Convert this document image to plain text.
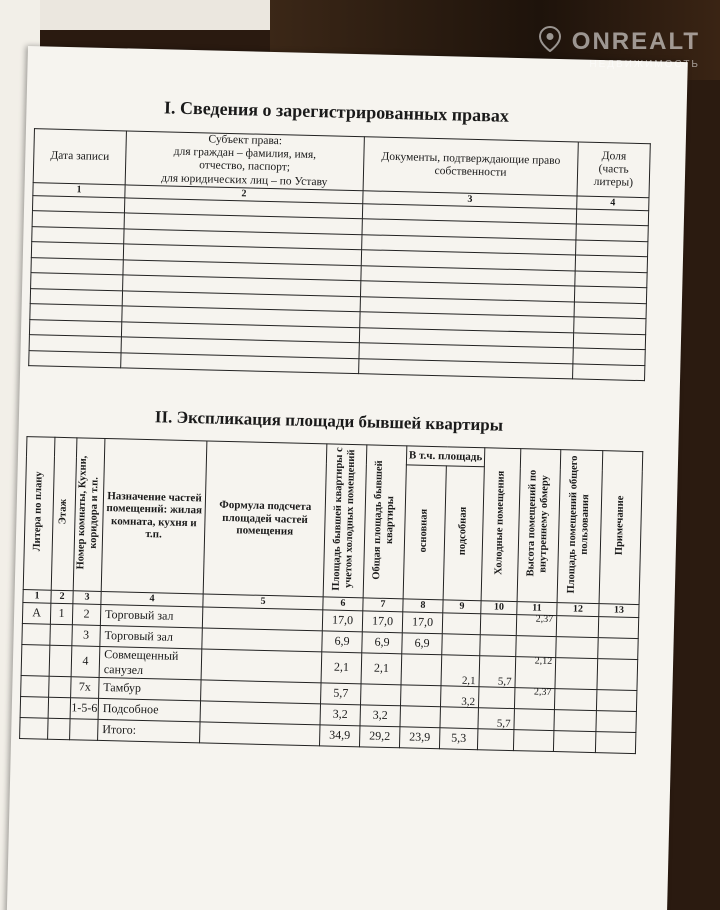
I. Сведения о зарегистрированных правах
Дата записи	Субъект права:
для граждан – фамилия, имя,
отчество, паспорт;
для юридических лиц – по Уставу	Документы, подтверждающие право собственности	Доля
(часть
литеры)
1	2	3	4

II. Экспликация площади бывшей квартиры
Литера по плану	Этаж	Номер комнаты, Кухни, коридора и т.п.	Назначение частей помещений: жилая комната, кухня и т.п.	Формула подсчета площадей частей помещения	Площадь бывшей квартиры с учетом холодных помещений	Общая площадь бывшей квартиры	В т.ч. площадь		Холодные помещения	Высота помещений по внутреннему обмеру	Площадь помещений общего пользования	Примечание
							основная	подсобная				
1	2	3	4	5	6	7	8	9	10	11	12	13
А	1	2	Торговый зал		17,0	17,0	17,0			2,37		

		3	Торговый зал		6,9	6,9	6,9	

		4	Совмещенный санузел		2,1	2,1		2,1	5,7	2,12		

		7х	Тамбур		5,7			3,2		2,37		

		1-5-6	Подсобное		3,2	3,2			5,7			

			Итого:		34,9	29,2	23,9	5,3				
ONREALT
НЕДВИЖИМОСТЬ
